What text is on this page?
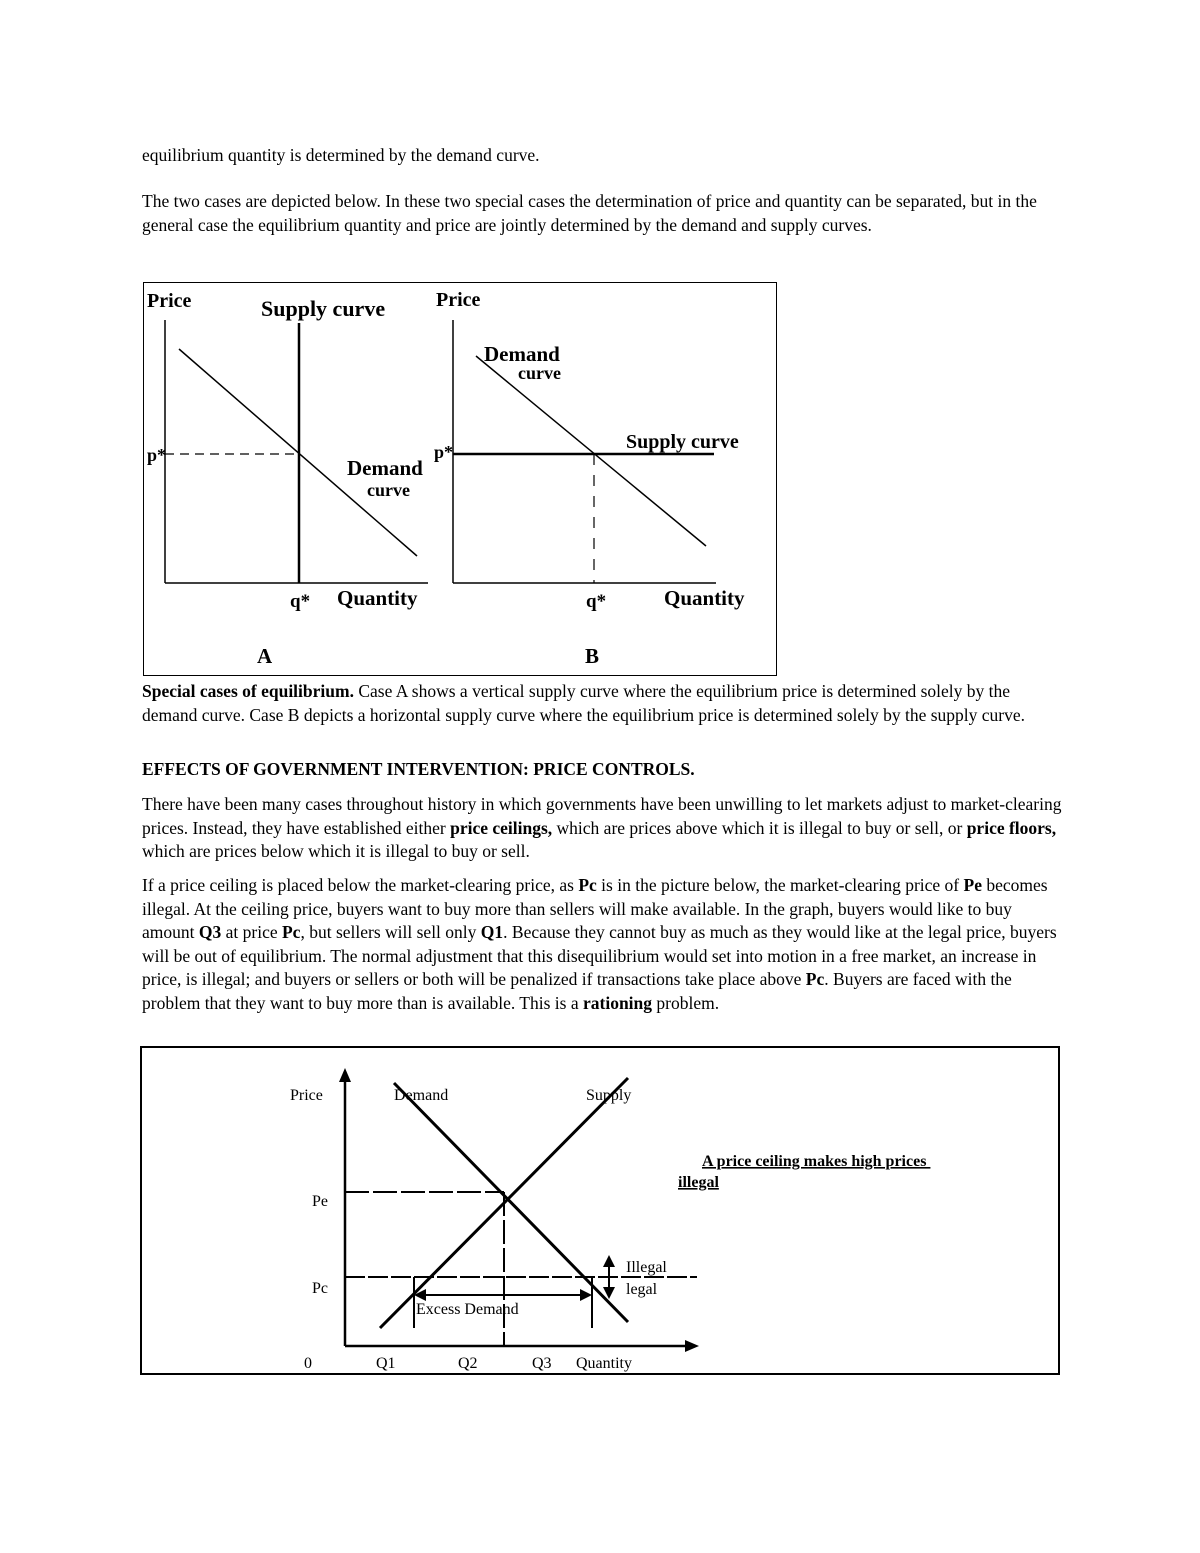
equilibrium quantity is determined by the demand curve.

The two cases are depicted below. In these two special cases the determination of price and quantity can be separated, but in the general case the equilibrium quantity and price are jointly determined by the demand and supply curves.

Price	Supply curve
p*
Demand
curve
q* Quantity
A
Price
Demand
curve
Supply curve
p*
q*	Quantity
B

Special cases of equilibrium. Case A shows a vertical supply curve where the equilibrium price is determined solely by the demand curve. Case B depicts a horizontal supply curve where the equilibrium price is determined solely by the supply curve.

EFFECTS OF GOVERNMENT INTERVENTION: PRICE CONTROLS.

There have been many cases throughout history in which governments have been unwilling to let markets adjust to market-clearing prices. Instead, they have established either price ceilings, which are prices above which it is illegal to buy or sell, or price floors, which are prices below which it is illegal to buy or sell.

If a price ceiling is placed below the market-clearing price, as Pc is in the picture below, the market-clearing price of Pe becomes illegal. At the ceiling price, buyers want to buy more than sellers will make available. In the graph, buyers would like to buy amount Q3 at price Pc, but sellers will sell only Q1. Because they cannot buy as much as they would like at the legal price, buyers will be out of equilibrium. The normal adjustment that this disequilibrium would set into motion in a free market, an increase in price, is illegal; and buyers or sellers or both will be penalized if transactions take place above Pc. Buyers are faced with the problem that they want to buy more than is available. This is a rationing problem.

Price	Demand	Supply
Pe
Pc
0	Q1	Q2	Q3 Quantity
Illegal
legal
Excess Demand
A price ceiling makes high prices illegal
